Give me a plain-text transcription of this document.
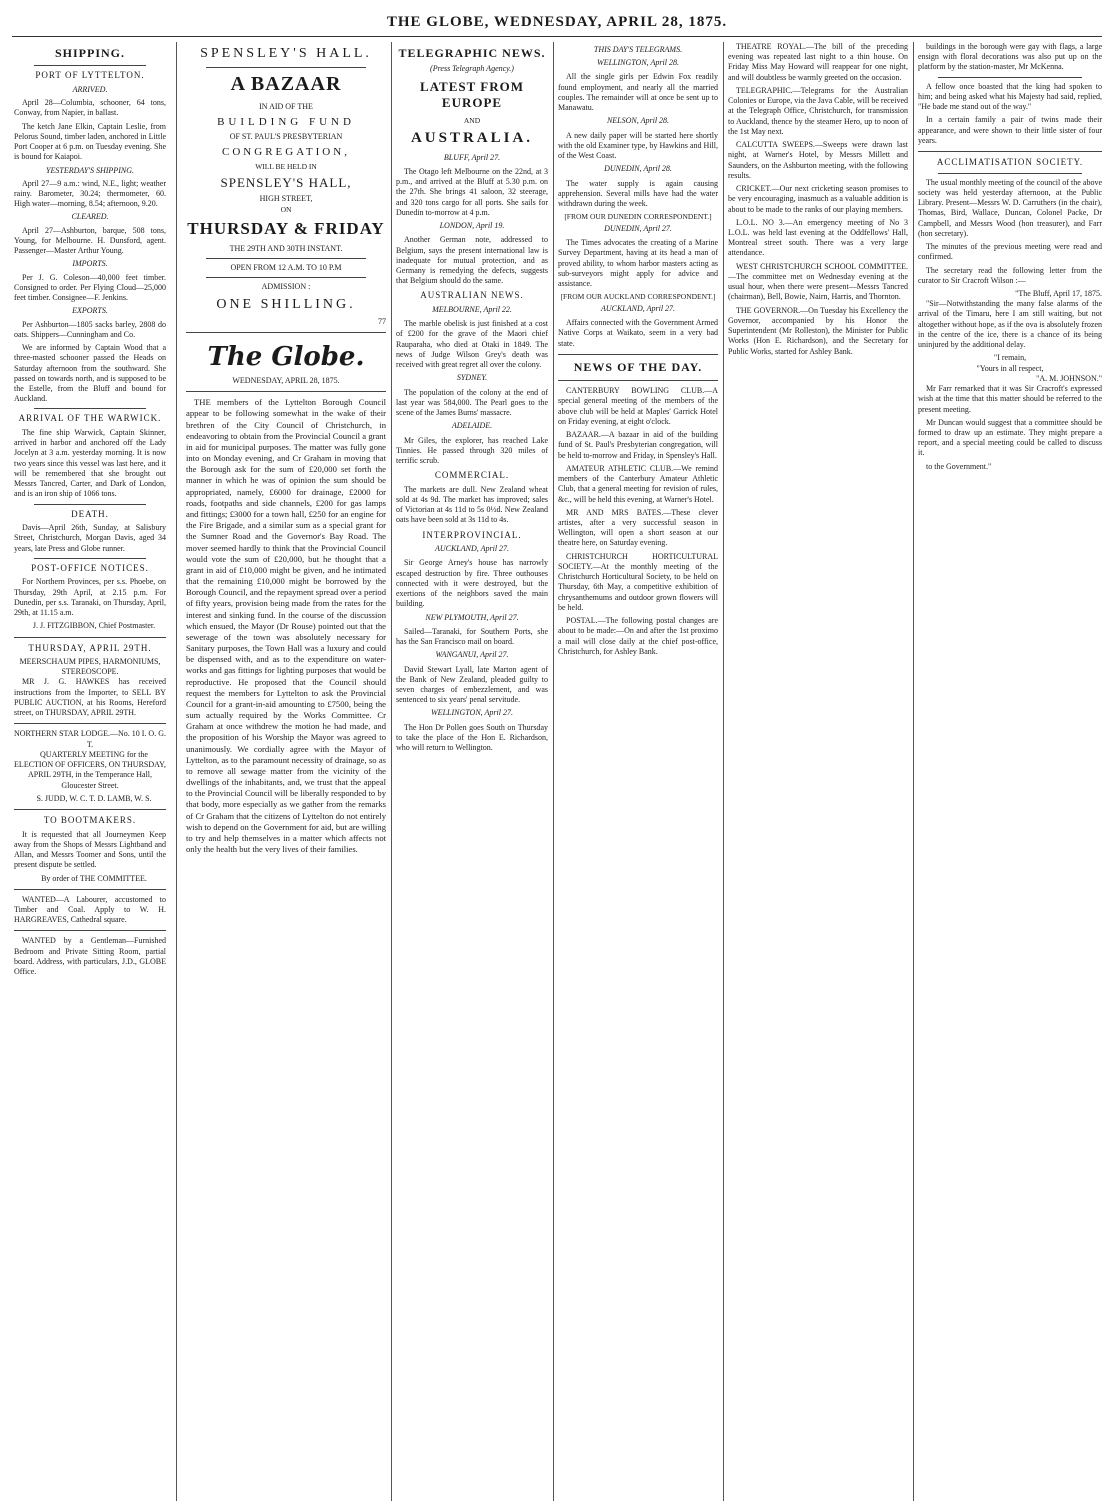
THE GLOBE, WEDNESDAY, APRIL 28, 1875.
SHIPPING.
PORT OF LYTTELTON.
ARRIVED.

April 28—Columbia, schooner, 64 tons, Conway, from Napier, in ballast.

The ketch Jane Elkin, Captain Leslie, from Pelorus Sound, timber laden, anchored in Little Port Cooper at 6 p.m. on Tuesday evening. She is bound for Kaiapoi.

YESTERDAY'S SHIPPING.

April 27—9 a.m.: wind, N.E., light; weather rainy. Barometer, 30.24; thermometer, 60. High water—morning, 8.54; afternoon, 9.20.

CLEARED.

April 27—Ashburton, barque, 508 tons, Young, for Melbourne. H. Dunsford, agent. Passenger—Master Arthur Young.

IMPORTS.

Per J. G. Coleson—40,000 feet timber. Consigned to order. Per Flying Cloud—25,000 feet timber. Consignee—F. Jenkins.

EXPORTS.

Per Ashburton—1805 sacks barley, 2808 do oats. Shippers—Cunningham and Co.

We are informed by Captain Wood that a three-masted schooner passed the Heads on Saturday afternoon from the southward. She passed on towards north, and is supposed to be the Estelle, from the Bluff and bound for Auckland.

ARRIVAL OF THE WARWICK.

The fine ship Warwick, Captain Skinner, arrived in harbor and anchored off the Lady Jocelyn at 3 a.m. yesterday morning. It is now two years since this vessel was last here, and it will be remembered that she brought out Messrs Tancred, Carter, and Dark of London, and is an iron ship of 1066 tons.

DEATH.

Davis—April 26th, Sunday, at Salisbury Street, Christchurch, Morgan Davis, aged 34 years, late Press and Globe runner.

POST-OFFICE NOTICES.

For Northern Provinces, per s.s. Phoebe, on Thursday, 29th April, at 2.15 p.m. For Dunedin, per s.s. Taranaki, on Thursday, April, 29th, at 11.15 a.m.

J. J. FITZGIBBON, Chief Postmaster.

THURSDAY, APRIL 29TH.
MEERSCHAUM PIPES, HARMONIUMS, STEREOSCOPE.

MR J. G. HAWKES has received instructions from the Importer, to SELL BY PUBLIC AUCTION, at his Rooms, Hereford street, on THURSDAY, APRIL 29TH.

NORTHERN STAR LODGE.—No. 10 I. O. G. T.

QUARTERLY MEETING for the ELECTION OF OFFICERS, ON THURSDAY, APRIL 29TH, in the Temperance Hall, Gloucester Street.

S. JUDD, W. C. T. D. LAMB, W. S.

TO BOOTMAKERS.

It is requested that all Journeymen Keep away from the Shops of Messrs Lightband and Allan, and Messrs Toomer and Sons, until the present dispute be settled.

By order of THE COMMITTEE.

WANTED—A Labourer, accustomed to Timber and Coal. Apply to W. H. HARGREAVES, Cathedral square.

WANTED by a Gentleman—Furnished Bedroom and Private Sitting Room, partial board. Address, with particulars, J.D., GLOBE Office.

SPENSLEY'S HALL.
A BAZAAR
IN AID OF THE
BUILDING FUND
OF ST. PAUL'S PRESBYTERIAN
CONGREGATION,
WILL BE HELD IN
SPENSLEY'S HALL,
HIGH STREET,
ON
THURSDAY & FRIDAY
THE 29TH AND 30TH INSTANT.
OPEN FROM 12 A.M. TO 10 P.M
ADMISSION :
ONE SHILLING.
77
The Globe.
WEDNESDAY, APRIL 28, 1875.

THE members of the Lyttelton Borough Council appear to be following somewhat in the wake of their brethren of the City Council of Christchurch, in endeavoring to obtain from the Provincial Council a grant in aid for municipal purposes. The matter was fully gone into on Monday evening, and Cr Graham in moving that the Borough ask for the sum of £20,000 set forth the manner in which he was of opinion the sum should be appropriated, namely, £6000 for drainage, £2000 for roads, footpaths and side channels, £200 for gas lamps and fittings; £3000 for a town hall, £250 for an engine for the Fire Brigade, and a similar sum as a special grant for the Sumner Road and the Governor's Bay Road. The mover seemed hardly to think that the Provincial Council would vote the sum of £20,000, but he thought that a grant in aid of £10,000 might be given, and he intimated that the remaining £10,000 might be borrowed by the Borough Council, and the repayment spread over a period of fifty years, provision being made from the rates for the interest and sinking fund. In the course of the discussion which ensued, the Mayor (Dr Rouse) pointed out that the sewerage of the town was absolutely necessary for Sanitary purposes, the Town Hall was a luxury and could be dispensed with, and as to the expenditure on water-works and gas fittings for lighting purposes that would be reproductive. He proposed that the Council should request the members for Lyttelton to ask the Provincial Council for a grant-in-aid amounting to £7500, being the sum actually required by the Works Committee. Cr Graham at once withdrew the motion he had made, and the proposition of his Worship the Mayor was agreed to unanimously. We cordially agree with the Mayor of Lyttelton, as to the paramount necessity of drainage, so as to remove all sewage matter from the vicinity of the dwellings of the inhabitants, and, we trust that the appeal to the Provincial Council will be liberally responded to by that body, more especially as we gather from the remarks of Cr Graham that the citizens of Lyttelton do not entirely wish to depend on the Government for aid, but are willing to try and help themselves in a matter which affects not only the health but the very lives of their families.

TELEGRAPHIC NEWS.
(Press Telegraph Agency.)
LATEST FROM EUROPE
AND
AUSTRALIA.
BLUFF, April 27.

The Otago left Melbourne on the 22nd, at 3 p.m., and arrived at the Bluff at 5.30 p.m. on the 27th. She brings 41 saloon, 32 steerage, and 320 tons cargo for all ports. She sails for Dunedin to-morrow at 4 p.m.

LONDON, April 19.

Another German note, addressed to Belgium, says the present international law is inadequate for mutual protection, and as Germany is remedying the defects, suggests that Belgium should do the same.

AUSTRALIAN NEWS.
MELBOURNE, April 22.

The marble obelisk is just finished at a cost of £200 for the grave of the Maori chief Rauparaha, who died at Otaki in 1849. The news of Judge Wilson Grey's death was received with great regret all over the colony.

SYDNEY.

The population of the colony at the end of last year was 584,000. The Pearl goes to the scene of the James Burns' massacre.

ADELAIDE.

Mr Giles, the explorer, has reached Lake Tinnies. He passed through 320 miles of terrific scrub.

COMMERCIAL.

The markets are dull. New Zealand wheat sold at 4s 9d. The market has improved; sales of Victorian at 4s 11d to 5s 0½d. New Zealand oats have been sold at 3s 11d to 4s.

INTERPROVINCIAL.
AUCKLAND, April 27.

Sir George Arney's house has narrowly escaped destruction by fire. Three outhouses connected with it were destroyed, but the exertions of the neighbors saved the main building.

NEW PLYMOUTH, April 27.

Sailed—Taranaki, for Southern Ports, she has the San Francisco mail on board.

WANGANUI, April 27.

David Stewart Lyall, late Marton agent of the Bank of New Zealand, pleaded guilty to seven charges of embezzlement, and was sentenced to six years' penal servitude.

WELLINGTON, April 27.

The Hon Dr Pollen goes South on Thursday to take the place of the Hon E. Richardson, who will return to Wellington.

THIS DAY'S TELEGRAMS.
WELLINGTON, April 28.

All the single girls per Edwin Fox readily found employment, and nearly all the married couples. The remainder will at once be sent up to Manawatu.

NELSON, April 28.

A new daily paper will be started here shortly with the old Examiner type, by Hawkins and Hill, of the West Coast.

DUNEDIN, April 28.

The water supply is again causing apprehension. Several mills have had the water withdrawn during the week.

[FROM OUR DUNEDIN CORRESPONDENT.]
DUNEDIN, April 27.

The Times advocates the creating of a Marine Survey Department, having at its head a man of proved ability, to whom harbor masters acting as sub-surveyors might apply for advice and assistance.

[FROM OUR AUCKLAND CORRESPONDENT.]
AUCKLAND, April 27.

Affairs connected with the Government Armed Native Corps at Waikato, seem in a very bad state.

NEWS OF THE DAY.

CANTERBURY BOWLING CLUB.—A special general meeting of the members of the above club will be held at Maples' Garrick Hotel on Friday evening, at eight o'clock.

BAZAAR.—A bazaar in aid of the building fund of St. Paul's Presbyterian congregation, will be held to-morrow and Friday, in Spensley's Hall.

AMATEUR ATHLETIC CLUB.—We remind members of the Canterbury Amateur Athletic Club, that a general meeting for revision of rules, &c., will be held this evening, at Warner's Hotel.

MR AND MRS BATES.—These clever artistes, after a very successful season in Wellington, will open a short season at our theatre here, on Saturday evening.

CHRISTCHURCH HORTICULTURAL SOCIETY.—At the monthly meeting of the Christchurch Horticultural Society, to be held on Thursday, 6th May, a competitive exhibition of chrysanthemums and outdoor grown flowers will be held.

POSTAL.—The following postal changes are about to be made:—On and after the 1st proximo a mail will close daily at the chief post-office, Christchurch, for Ashley Bank.

THEATRE ROYAL.—The bill of the preceding evening was repeated last night to a thin house. On Friday Miss May Howard will reappear for one night, and will doubtless be warmly greeted on the occasion.

TELEGRAPHIC.—Telegrams for the Australian Colonies or Europe, via the Java Cable, will be received at the Telegraph Office, Christchurch, for transmission to Auckland, thence by the steamer Hero, up to noon of the 1st May next.

CALCUTTA SWEEPS.—Sweeps were drawn last night, at Warner's Hotel, by Messrs Millett and Saunders, on the Ashburton meeting, with the following results.

CRICKET.—Our next cricketing season promises to be very encouraging, inasmuch as a valuable addition is about to be made to the ranks of our playing members.

L.O.L. NO 3.—An emergency meeting of No 3 L.O.L. was held last evening at the Oddfellows' Hall, Montreal street south. There was a very large attendance.

WEST CHRISTCHURCH SCHOOL COMMITTEE.—The committee met on Wednesday evening at the usual hour, when there were present—Messrs Tancred (chairman), Bell, Bowie, Nairn, Harris, and Thornton.

THE GOVERNOR.—On Tuesday his Excellency the Governor, accompanied by his Honor the Superintendent (Mr Rolleston), the Minister for Public Works (Hon E. Richardson), and the Secretary for Public Works, started for Ashley Bank.

buildings in the borough were gay with flags, a large ensign with floral decorations was also put up on the platform by the station-master, Mr McKenna.

A fellow once boasted that the king had spoken to him; and being asked what his Majesty had said, replied, "He bade me stand out of the way."

In a certain family a pair of twins made their appearance, and were shown to their little sister of four years.

ACCLIMATISATION SOCIETY.

The usual monthly meeting of the council of the above society was held yesterday afternoon, at the Public Library. Present—Messrs W. D. Carruthers (in the chair), Thomas, Bird, Wallace, Duncan, Colonel Packe, Dr Campbell, and Messrs Wood (hon treasurer), and Farr (hon secretary).

The minutes of the previous meeting were read and confirmed.

The secretary read the following letter from the curator to Sir Cracroft Wilson :—

"The Bluff, April 17, 1875.

"Sir—Notwithstanding the many false alarms of the arrival of the Timaru, here I am still waiting, but not altogether without hope, as if the ova is absolutely frozen in the centre of the ice, there is a chance of its being uninjured by the additional delay.

"I remain,
"Yours in all respect,
"A. M. JOHNSON."

Mr Farr remarked that it was Sir Cracroft's expressed wish at the time that this matter should be referred to the present meeting.

Mr Duncan would suggest that a committee should be formed to draw up an estimate. They might prepare a report, and a special meeting could be called to discuss it.

to the Government."
